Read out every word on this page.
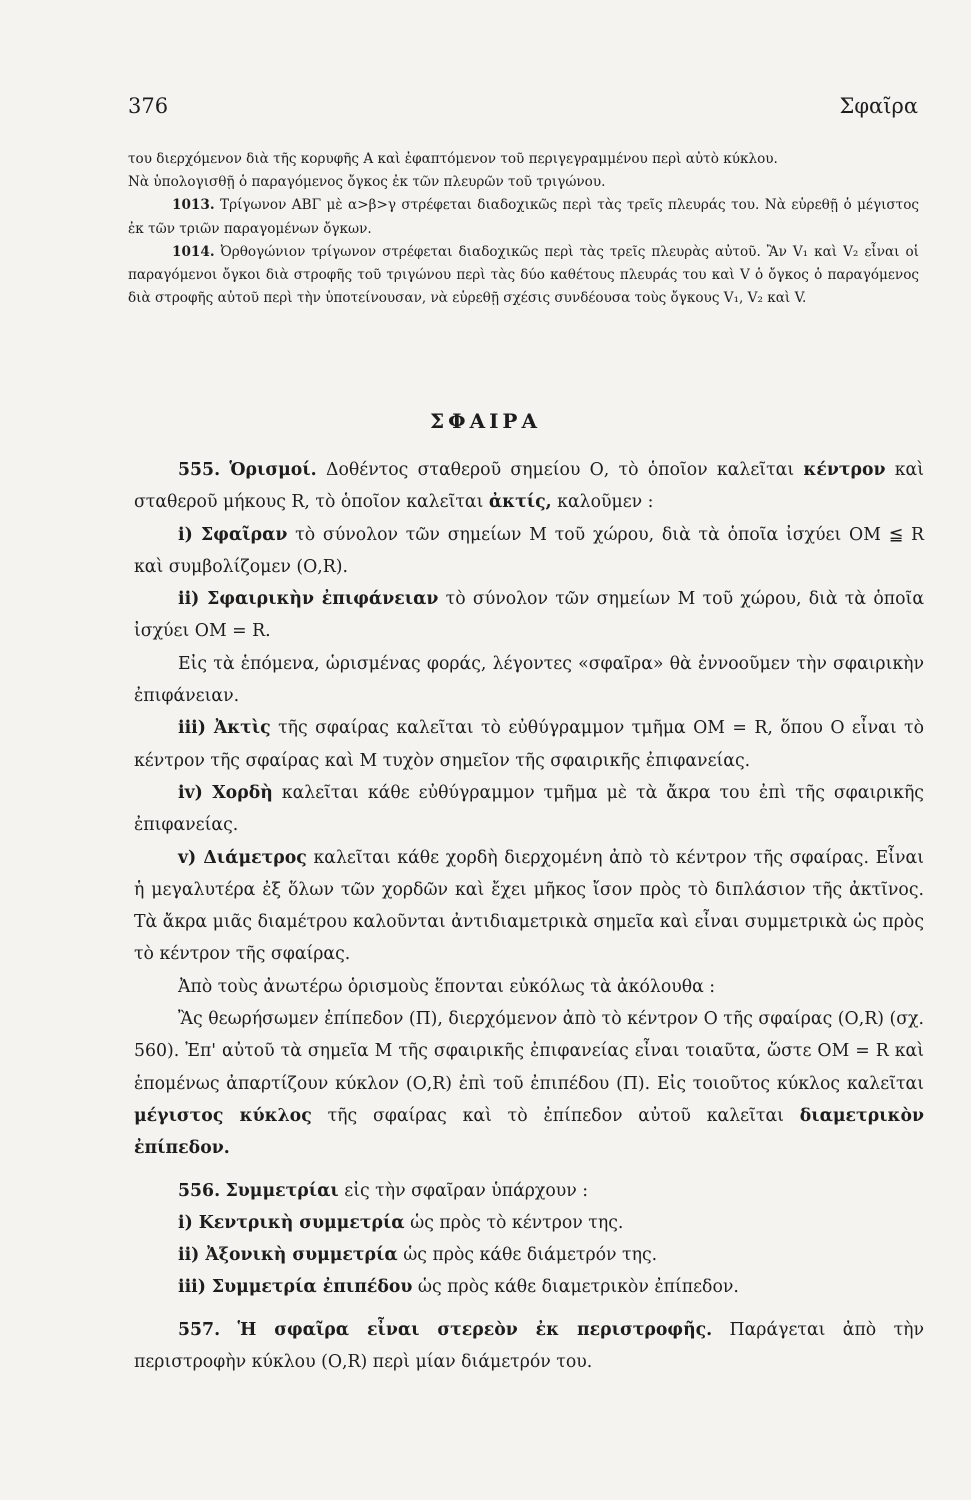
376	Σφαῖρα

του διερχόμενον διὰ τῆς κορυφῆς Α καὶ ἐφαπτόμενον τοῦ περιγεγραμμένου περὶ αὐτὸ κύκλου.

Νὰ ὑπολογισθῇ ὁ παραγόμενος ὄγκος ἐκ τῶν πλευρῶν τοῦ τριγώνου.

1013. Τρίγωνον ΑΒΓ μὲ α>β>γ στρέφεται διαδοχικῶς περὶ τὰς τρεῖς πλευράς του. Νὰ εὑρεθῇ ὁ μέγιστος ἐκ τῶν τριῶν παραγομένων ὄγκων.

1014. Ὀρθογώνιον τρίγωνον στρέφεται διαδοχικῶς περὶ τὰς τρεῖς πλευρὰς αὐτοῦ. Ἂν V₁ καὶ V₂ εἶναι οἱ παραγόμενοι ὄγκοι διὰ στροφῆς τοῦ τριγώνου περὶ τὰς δύο καθέτους πλευράς του καὶ V ὁ ὄγκος ὁ παραγόμενος διὰ στροφῆς αὐτοῦ περὶ τὴν ὑποτείνουσαν, νὰ εὑρεθῇ σχέσις συνδέουσα τοὺς ὄγκους V₁, V₂ καὶ V.

ΣΦΑΙΡΑ

555. Ὁρισμοί. Δοθέντος σταθεροῦ σημείου Ο, τὸ ὁποῖον καλεῖται κέντρον καὶ σταθεροῦ μήκους R, τὸ ὁποῖον καλεῖται ἀκτίς, καλοῦμεν :

i) Σφαῖραν τὸ σύνολον τῶν σημείων Μ τοῦ χώρου, διὰ τὰ ὁποῖα ἰσχύει ΟΜ ≦ R καὶ συμβολίζομεν (Ο,R).

ii) Σφαιρικὴν ἐπιφάνειαν τὸ σύνολον τῶν σημείων Μ τοῦ χώρου, διὰ τὰ ὁποῖα ἰσχύει ΟΜ = R.

Εἰς τὰ ἑπόμενα, ὡρισμένας φοράς, λέγοντες «σφαῖρα» θὰ ἐννοοῦμεν τὴν σφαιρικὴν ἐπιφάνειαν.

iii) Ἀκτὶς τῆς σφαίρας καλεῖται τὸ εὐθύγραμμον τμῆμα ΟΜ = R, ὅπου Ο εἶναι τὸ κέντρον τῆς σφαίρας καὶ Μ τυχὸν σημεῖον τῆς σφαιρικῆς ἐπιφανείας.

iv) Χορδὴ καλεῖται κάθε εὐθύγραμμον τμῆμα μὲ τὰ ἄκρα του ἐπὶ τῆς σφαιρικῆς ἐπιφανείας.

v) Διάμετρος καλεῖται κάθε χορδὴ διερχομένη ἀπὸ τὸ κέντρον τῆς σφαίρας. Εἶναι ἡ μεγαλυτέρα ἐξ ὅλων τῶν χορδῶν καὶ ἔχει μῆκος ἴσον πρὸς τὸ διπλάσιον τῆς ἀκτῖνος. Τὰ ἄκρα μιᾶς διαμέτρου καλοῦνται ἀντιδιαμετρικὰ σημεῖα καὶ εἶναι συμμετρικὰ ὡς πρὸς τὸ κέντρον τῆς σφαίρας.

Ἀπὸ τοὺς ἀνωτέρω ὁρισμοὺς ἕπονται εὐκόλως τὰ ἀκόλουθα :

Ἂς θεωρήσωμεν ἐπίπεδον (Π), διερχόμενον ἀπὸ τὸ κέντρον Ο τῆς σφαίρας (Ο,R) (σχ. 560). Ἐπ' αὐτοῦ τὰ σημεῖα Μ τῆς σφαιρικῆς ἐπιφανείας εἶναι τοιαῦτα, ὥστε ΟΜ = R καὶ ἑπομένως ἀπαρτίζουν κύκλον (Ο,R) ἐπὶ τοῦ ἐπιπέδου (Π). Εἰς τοιοῦτος κύκλος καλεῖται μέγιστος κύκλος τῆς σφαίρας καὶ τὸ ἐπίπεδον αὐτοῦ καλεῖται διαμετρικὸν ἐπίπεδον.

556. Συμμετρίαι εἰς τὴν σφαῖραν ὑπάρχουν :

i) Κεντρικὴ συμμετρία ὡς πρὸς τὸ κέντρον της.

ii) Ἀξονικὴ συμμετρία ὡς πρὸς κάθε διάμετρόν της.

iii) Συμμετρία ἐπιπέδου ὡς πρὸς κάθε διαμετρικὸν ἐπίπεδον.

557. Ἡ σφαῖρα εἶναι στερεὸν ἐκ περιστροφῆς. Παράγεται ἀπὸ τὴν περιστροφὴν κύκλου (Ο,R) περὶ μίαν διάμετρόν του.
